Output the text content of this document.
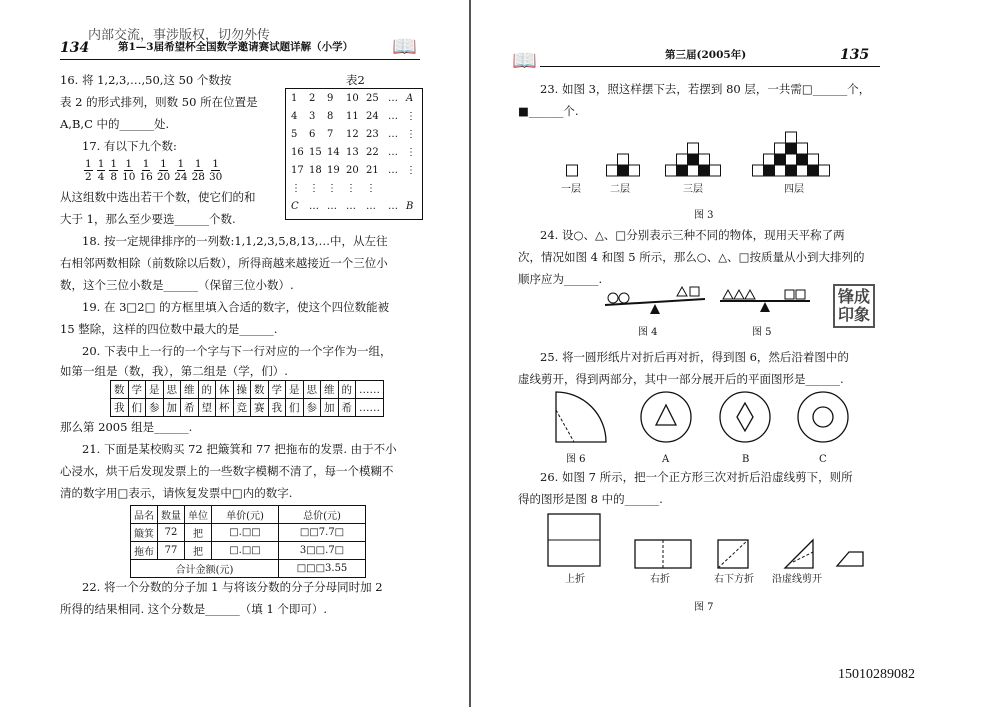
内部交流，事涉版权，切勿外传
134	第1—3届希望杯全国数学邀请赛试题详解（小学） 📖
16. 将 1,2,3,…,50,这 50 个数按
表 2 的形式排列，则数 50 所在位置是
A,B,C 中的______处.
表2
1 2 9 10 25 … A
4 3 8 11 24 … ⋮
5 6 7 12 23 … ⋮
16 15 14 13 22 … ⋮
17 18 19 20 21 … ⋮
⋮ ⋮ ⋮ ⋮ ⋮
C … … … … … B
17. 有以下九个数:
$\frac{1}{2} \frac{1}{4} \frac{1}{8} \frac{1}{10} \frac{1}{16} \frac{1}{20} \frac{1}{24} \frac{1}{28} \frac{1}{30}$
从这组数中选出若干个数，使它们的和
大于 1，那么至少要选______个数.
18. 按一定规律排序的一列数:1,1,2,3,5,8,13,…中，从左往
右相邻两数相除（前数除以后数），所得商越来越接近一个三位小
数，这个三位小数是______（保留三位小数）.
19. 在 3□2□ 的方框里填入合适的数字，使这个四位数能被
15 整除，这样的四位数中最大的是______.
20. 下表中上一行的一个字与下一行对应的一个字作为一组，
如第一组是（数，我），第二组是（学，们）.
数	学	是	思	维	的	体	操	数	学	是	思	维	的	……
我	们	参	加	希	望	杯	竞	赛	我	们	参	加	希	……
那么第 2005 组是______.
21. 下面是某校购买 72 把簸箕和 77 把拖布的发票. 由于不小
心浸水，烘干后发现发票上的一些数字模糊不清了，每一个模糊不
清的数字用□表示，请恢复发票中□内的数字.
品名	数量	单位	单价(元)	总价(元)
簸箕	72	把	□.□□	□□7.7□
拖布	77	把	□.□□	3□□.7□
合计金额(元)				□□□3.55
22. 将一个分数的分子加 1 与将该分数的分子分母同时加 2
所得的结果相同. 这个分数是______（填 1 个即可）.
📖	第三届(2005年)	135
23. 如图 3，照这样摆下去，若摆到 80 层，一共需□______个，
■______个.
一层	二层	三层	四层
图 3
24. 设○、△、□分别表示三种不同的物体，现用天平称了两
次，情况如图 4 和图 5 所示，那么○、△、□按质量从小到大排列的
顺序应为______.
图 4	图 5
锋成
印象
25. 将一圆形纸片对折后再对折，得到图 6，然后沿着图中的
虚线剪开，得到两部分，其中一部分展开后的平面图形是______.
图 6	A	B	C
26. 如图 7 所示，把一个正方形三次对折后沿虚线剪下，则所
得的图形是图 8 中的______.
上折	右折	右下方折 沿虚线剪开
图 7
15010289082
